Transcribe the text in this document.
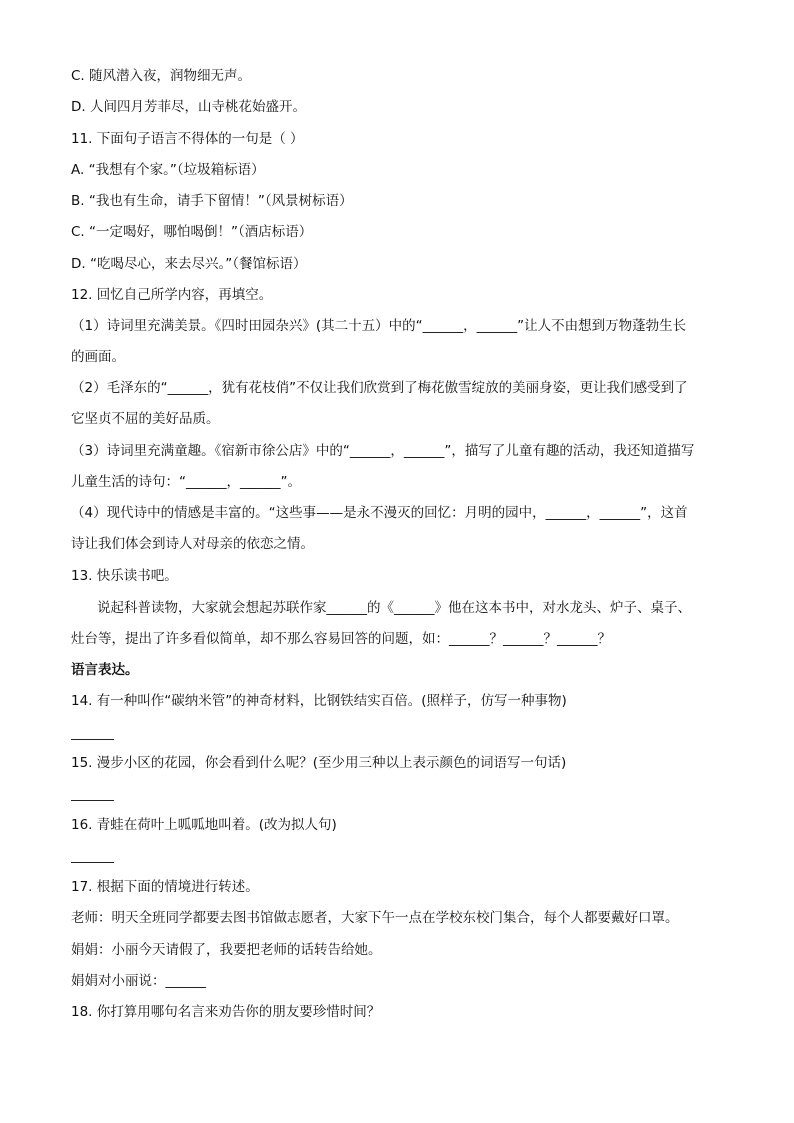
C. 随风潜入夜，润物细无声。
D. 人间四月芳菲尽，山寺桃花始盛开。
11. 下面句子语言不得体的一句是（ ）
A. “我想有个家。”（垃圾箱标语）
B. “我也有生命，请手下留情！”（风景树标语）
C. “一定喝好，哪怕喝倒！”（酒店标语）
D. “吃喝尽心，来去尽兴。”（餐馆标语）
12. 回忆自己所学内容，再填空。
（1）诗词里充满美景。《四时田园杂兴》(其二十五）中的“______，______”让人不由想到万物蓬勃生长
的画面。
（2）毛泽东的“______，犹有花枝俏”不仅让我们欣赏到了梅花傲雪绽放的美丽身姿，更让我们感受到了
它坚贞不屈的美好品质。
（3）诗词里充满童趣。《宿新市徐公店》中的“______，______”，描写了儿童有趣的活动，我还知道描写
儿童生活的诗句：“______，______”。
（4）现代诗中的情感是丰富的。“这些事——是永不漫灭的回忆：月明的园中，______，______”，这首
诗让我们体会到诗人对母亲的依恋之情。
13. 快乐读书吧。
说起科普读物，大家就会想起苏联作家______的《______》他在这本书中，对水龙头、炉子、桌子、
灶台等，提出了许多看似简单，却不那么容易回答的问题，如：______？______？______？
语言表达。
14. 有一种叫作“碳纳米管”的神奇材料，比钢铁结实百倍。(照样子，仿写一种事物)
15. 漫步小区的花园，你会看到什么呢？(至少用三种以上表示颜色的词语写一句话)
16. 青蛙在荷叶上呱呱地叫着。(改为拟人句)
17. 根据下面的情境进行转述。
老师：明天全班同学都要去图书馆做志愿者，大家下午一点在学校东校门集合，每个人都要戴好口罩。
娟娟：小丽今天请假了，我要把老师的话转告给她。
娟娟对小丽说：______
18. 你打算用哪句名言来劝告你的朋友要珍惜时间？
